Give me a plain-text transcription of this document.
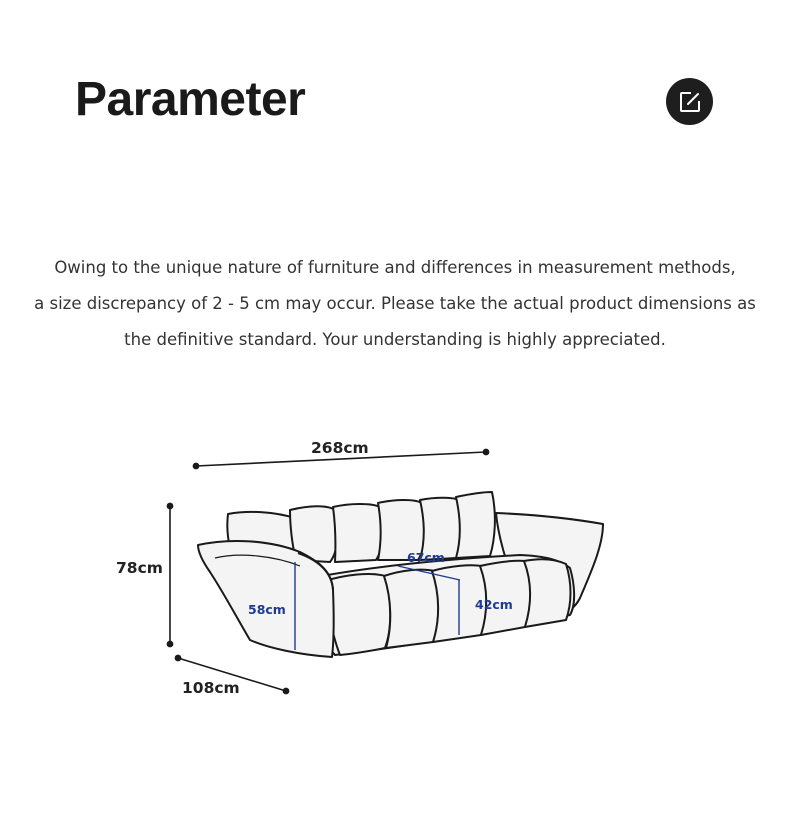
Parameter

Owing to the unique nature of furniture and differences in measurement methods,

a size discrepancy of 2 - 5 cm may occur. Please take the actual product dimensions as

the definitive standard. Your understanding is highly appreciated.

268cm
78cm
108cm
58cm
67cm
42cm
